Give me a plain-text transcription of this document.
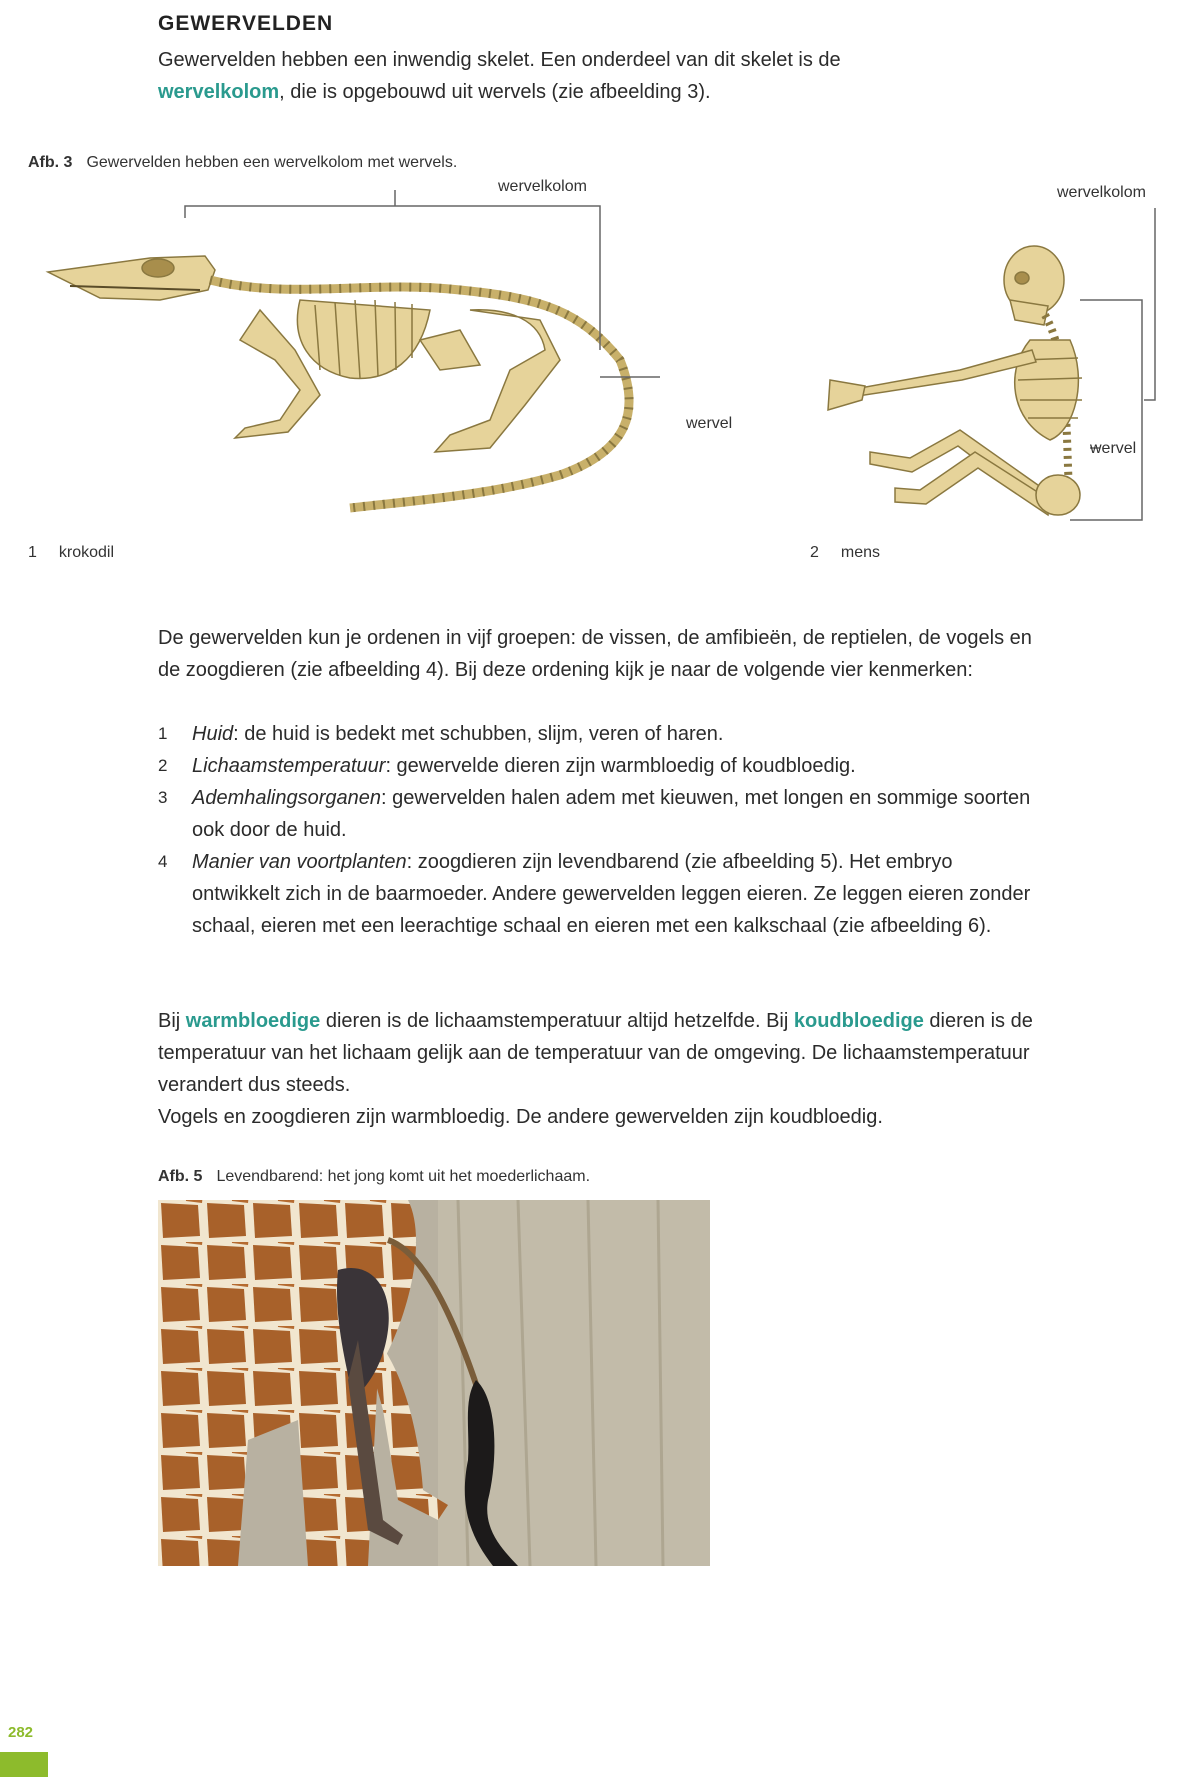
GEWERVELDEN
Gewervelden hebben een inwendig skelet. Een onderdeel van dit skelet is de wervelkolom, die is opgebouwd uit wervels (zie afbeelding 3).
Afb. 3 Gewervelden hebben een wervelkolom met wervels.
wervelkolom
wervel
1 krokodil
wervelkolom
wervel
2 mens
De gewervelden kun je ordenen in vijf groepen: de vissen, de amfibieën, de reptielen, de vogels en de zoogdieren (zie afbeelding 4). Bij deze ordening kijk je naar de volgende vier kenmerken:
1 Huid: de huid is bedekt met schubben, slijm, veren of haren.
2 Lichaamstemperatuur: gewervelde dieren zijn warmbloedig of koudbloedig.
3 Ademhalingsorganen: gewervelden halen adem met kieuwen, met longen en sommige soorten ook door de huid.
4 Manier van voortplanten: zoogdieren zijn levendbarend (zie afbeelding 5). Het embryo ontwikkelt zich in de baarmoeder. Andere gewervelden leggen eieren. Ze leggen eieren zonder schaal, eieren met een leerachtige schaal en eieren met een kalkschaal (zie afbeelding 6).
Bij warmbloedige dieren is de lichaamstemperatuur altijd hetzelfde. Bij koudbloedige dieren is de temperatuur van het lichaam gelijk aan de temperatuur van de omgeving. De lichaamstemperatuur verandert dus steeds.
Vogels en zoogdieren zijn warmbloedig. De andere gewervelden zijn koudbloedig.
Afb. 5 Levendbarend: het jong komt uit het moederlichaam.
282
